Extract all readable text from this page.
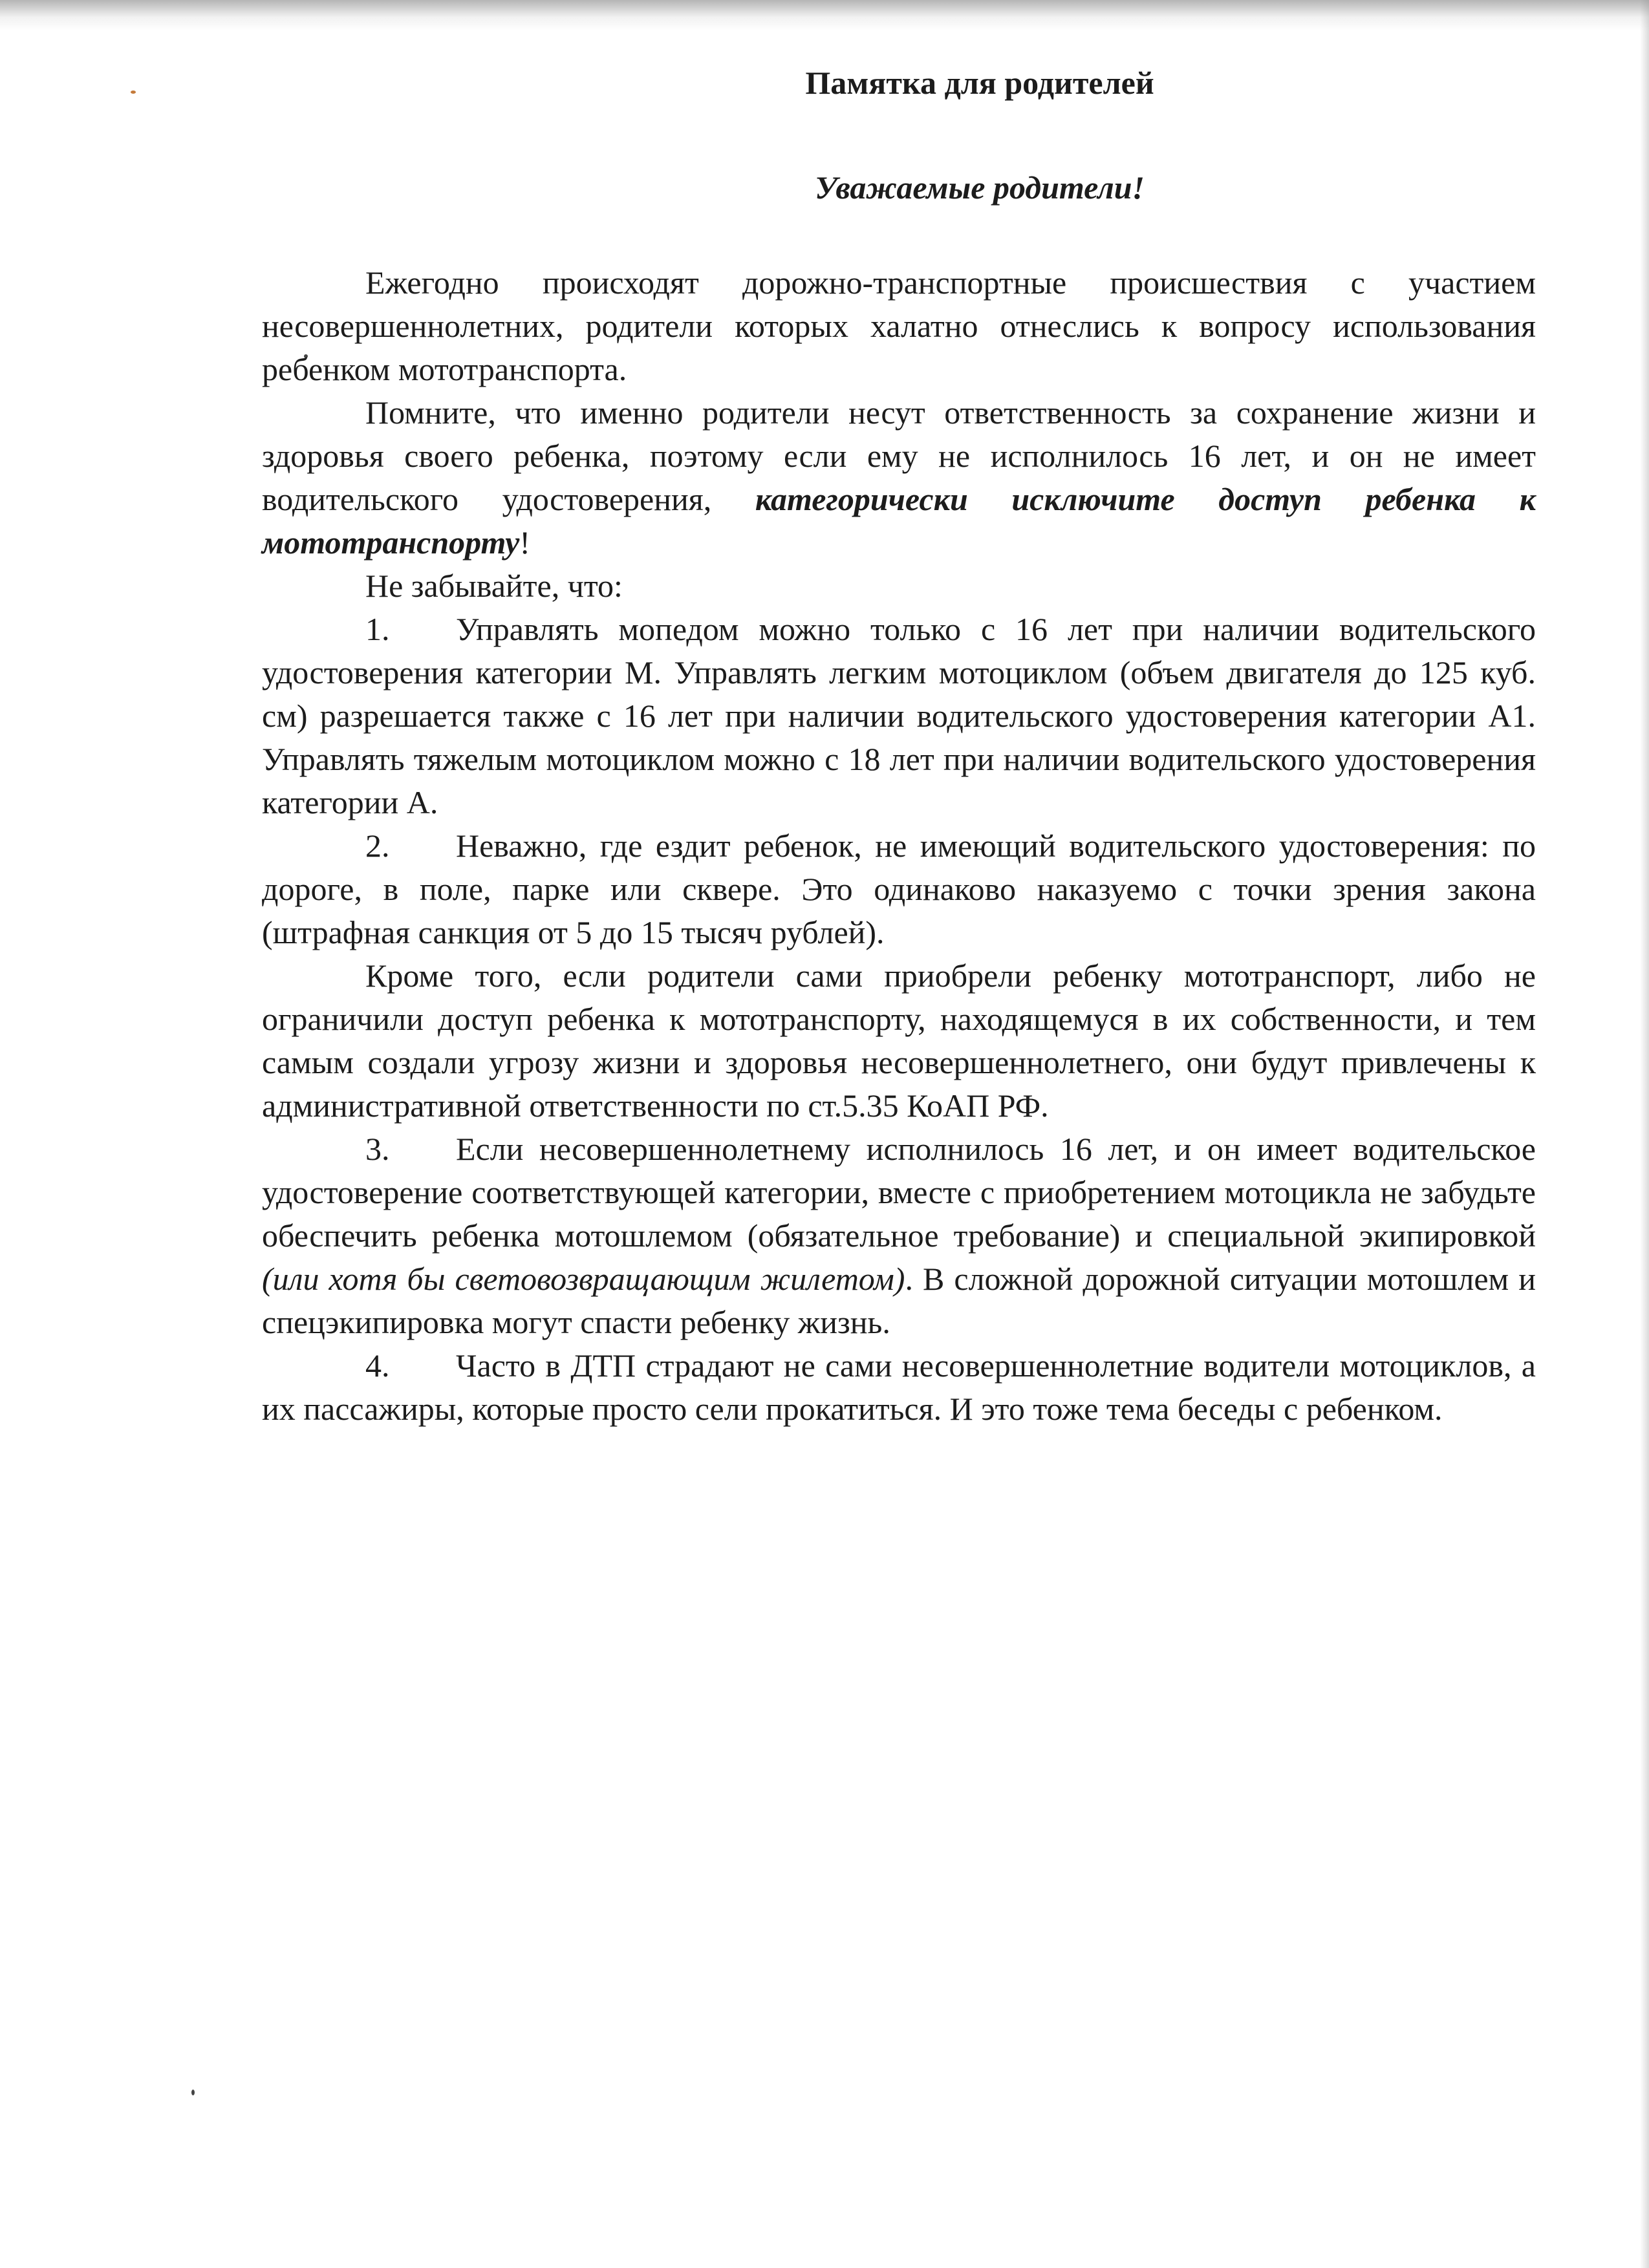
Памятка для родителей
Уважаемые родители!

Ежегодно происходят дорожно-транспортные происшествия с участием несовершеннолетних, родители которых халатно отнеслись к вопросу использования ребенком мототранспорта.

Помните, что именно родители несут ответственность за сохранение жизни и здоровья своего ребенка, поэтому если ему не исполнилось 16 лет, и он не имеет водительского удостоверения, категорически исключите доступ ребенка к мототранспорту!

Не забывайте, что:

1. Управлять мопедом можно только с 16 лет при наличии водительского удостоверения категории М. Управлять легким мотоциклом (объем двигателя до 125 куб. см) разрешается также с 16 лет при наличии водительского удостоверения категории А1. Управлять тяжелым мотоциклом можно с 18 лет при наличии водительского удостоверения категории А.

2. Неважно, где ездит ребенок, не имеющий водительского удостоверения: по дороге, в поле, парке или сквере. Это одинаково наказуемо с точки зрения закона (штрафная санкция от 5 до 15 тысяч рублей).

Кроме того, если родители сами приобрели ребенку мототранспорт, либо не ограничили доступ ребенка к мототранспорту, находящемуся в их собственности, и тем самым создали угрозу жизни и здоровья несовершеннолетнего, они будут привлечены к административной ответственности по ст.5.35 КоАП РФ.

3. Если несовершеннолетнему исполнилось 16 лет, и он имеет водительское удостоверение соответствующей категории, вместе с приобретением мотоцикла не забудьте обеспечить ребенка мотошлемом (обязательное требование) и специальной экипировкой (или хотя бы световозвращающим жилетом). В сложной дорожной ситуации мотошлем и спецэкипировка могут спасти ребенку жизнь.

4. Часто в ДТП страдают не сами несовершеннолетние водители мотоциклов, а их пассажиры, которые просто сели прокатиться. И это тоже тема беседы с ребенком.
